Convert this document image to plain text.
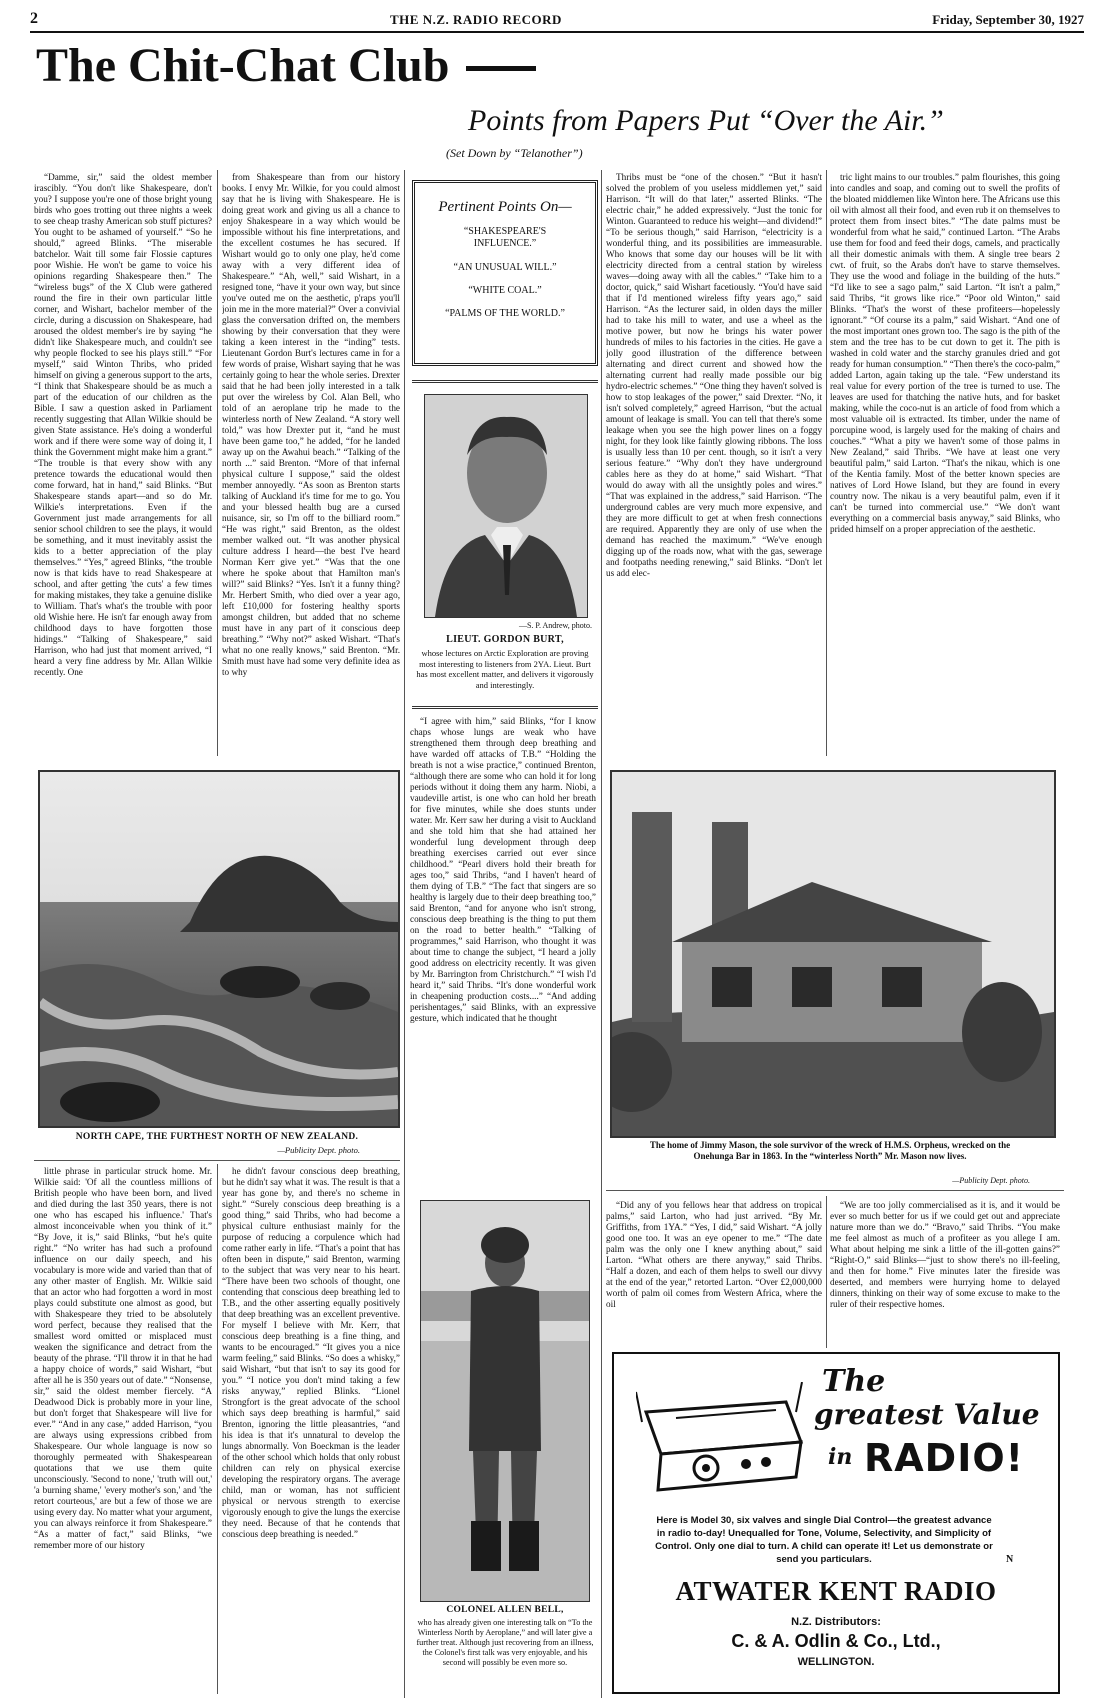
2	THE N.Z. RADIO RECORD	Friday, September 30, 1927
The Chit-Chat Club
Points from Papers Put “Over the Air.”
(Set Down by “Telanother”)

“Damme, sir,” said the oldest member irascibly. “You don't like Shakespeare, don't you? I suppose you're one of those bright young birds who goes trotting out three nights a week to see cheap trashy American sob stuff pictures? You ought to be ashamed of yourself.” “So he should,” agreed Blinks. “The miserable batchelor. Wait till some fair Flossie captures poor Wishie. He won't be game to voice his opinions regarding Shakespeare then.” The “wireless bugs” of the X Club were gathered round the fire in their own particular little corner, and Wishart, bachelor member of the circle, during a discussion on Shakespeare, had aroused the oldest member's ire by saying “he didn't like Shakespeare much, and couldn't see why people flocked to see his plays still.” “For myself,” said Winton Thribs, who prided himself on giving a generous support to the arts, “I think that Shakespeare should be as much a part of the education of our children as the Bible. I saw a question asked in Parliament recently suggesting that Allan Wilkie should be given State assistance. He's doing a wonderful work and if there were some way of doing it, I think the Government might make him a grant.” “The trouble is that every show with any pretence towards the educational would then come forward, hat in hand,” said Blinks. “But Shakespeare stands apart—and so do Mr. Wilkie's interpretations. Even if the Government just made arrangements for all senior school children to see the plays, it would be something, and it must inevitably assist the kids to a better appreciation of the play themselves.” “Yes,” agreed Blinks, “the trouble now is that kids have to read Shakespeare at school, and after getting 'the cuts' a few times for making mistakes, they take a genuine dislike to William. That's what's the trouble with poor old Wishie here. He isn't far enough away from childhood days to have forgotten those hidings.” “Talking of Shakespeare,” said Harrison, who had just that moment arrived, “I heard a very fine address by Mr. Allan Wilkie recently. One

from Shakespeare than from our history books. I envy Mr. Wilkie, for you could almost say that he is living with Shakespeare. He is doing great work and giving us all a chance to enjoy Shakespeare in a way which would be impossible without his fine interpretations, and the excellent costumes he has secured. If Wishart would go to only one play, he'd come away with a very different idea of Shakespeare.” “Ah, well,” said Wishart, in a resigned tone, “have it your own way, but since you've outed me on the aesthetic, p'raps you'll join me in the more material?” Over a convivial glass the conversation drifted on, the members showing by their conversation that they were taking a keen interest in the “inding” tests. Lieutenant Gordon Burt's lectures came in for a few words of praise, Wishart saying that he was certainly going to hear the whole series. Drexter said that he had been jolly interested in a talk put over the wireless by Col. Alan Bell, who told of an aeroplane trip he made to the winterless north of New Zealand. “A story well told,” was how Drexter put it, “and he must have been game too,” he added, “for he landed away up on the Awahui beach.” “Talking of the north ...” said Brenton. “More of that infernal physical culture I suppose,” said the oldest member annoyedly. “As soon as Brenton starts talking of Auckland it's time for me to go. You and your blessed health bug are a cursed nuisance, sir, so I'm off to the billiard room.” “He was right,” said Brenton, as the oldest member walked out. “It was another physical culture address I heard—the best I've heard Norman Kerr give yet.” “Was that the one where he spoke about that Hamilton man's will?” said Blinks? “Yes. Isn't it a funny thing? Mr. Herbert Smith, who died over a year ago, left £10,000 for fostering healthy sports amongst children, but added that no scheme must have in any part of it conscious deep breathing.” “Why not?” asked Wishart. “That's what no one really knows,” said Brenton. “Mr. Smith must have had some very definite idea as to why

Pertinent Points On—
“SHAKESPEARE'S INFLUENCE.”
“AN UNUSUAL WILL.”
“WHITE COAL.”
“PALMS OF THE WORLD.”
—S. P. Andrew, photo.
LIEUT. GORDON BURT,
whose lectures on Arctic Exploration are proving most interesting to listeners from 2YA. Lieut. Burt has most excellent matter, and delivers it vigorously and interestingly.

“I agree with him,” said Blinks, “for I know chaps whose lungs are weak who have strengthened them through deep breathing and have warded off attacks of T.B.” “Holding the breath is not a wise practice,” continued Brenton, “although there are some who can hold it for long periods without it doing them any harm. Niobi, a vaudeville artist, is one who can hold her breath for five minutes, while she does stunts under water. Mr. Kerr saw her during a visit to Auckland and she told him that she had attained her wonderful lung development through deep breathing exercises carried out ever since childhood.” “Pearl divers hold their breath for ages too,” said Thribs, “and I haven't heard of them dying of T.B.” “The fact that singers are so healthy is largely due to their deep breathing too,” said Brenton, “and for anyone who isn't strong, conscious deep breathing is the thing to put them on the road to better health.” “Talking of programmes,” said Harrison, who thought it was about time to change the subject, “I heard a jolly good address on electricity recently. It was given by Mr. Barrington from Christchurch.” “I wish I'd heard it,” said Thribs. “It's done wonderful work in cheapening production costs....” “And adding perishentages,” said Blinks, with an expressive gesture, which indicated that he thought

Thribs must be “one of the chosen.” “But it hasn't solved the problem of you useless middlemen yet,” said Harrison. “It will do that later,” asserted Blinks. “The electric chair,” he added expressively. “Just the tonic for Winton. Guaranteed to reduce his weight—and dividend!” “To be serious though,” said Harrison, “electricity is a wonderful thing, and its possibilities are immeasurable. Who knows that some day our houses will be lit with electricity directed from a central station by wireless waves—doing away with all the cables.” “Take him to a doctor, quick,” said Wishart facetiously. “You'd have said that if I'd mentioned wireless fifty years ago,” said Harrison. “As the lecturer said, in olden days the miller had to take his mill to water, and use a wheel as the motive power, but now he brings his water power hundreds of miles to his factories in the cities. He gave a jolly good illustration of the difference between alternating and direct current and showed how the alternating current had really made possible our big hydro-electric schemes.” “One thing they haven't solved is how to stop leakages of the power,” said Drexter. “No, it isn't solved completely,” agreed Harrison, “but the actual amount of leakage is small. You can tell that there's some leakage when you see the high power lines on a foggy night, for they look like faintly glowing ribbons. The loss is usually less than 10 per cent. though, so it isn't a very serious feature.” “Why don't they have underground cables here as they do at home,” said Wishart. “That would do away with all the unsightly poles and wires.” “That was explained in the address,” said Harrison. “The underground cables are very much more expensive, and they are more difficult to get at when fresh connections are required. Apparently they are only of use when the demand has reached the maximum.” “We've enough digging up of the roads now, what with the gas, sewerage and footpaths needing renewing,” said Blinks. “Don't let us add elec-

tric light mains to our troubles.” palm flourishes, this going into candles and soap, and coming out to swell the profits of the bloated middlemen like Winton here. The Africans use this oil with almost all their food, and even rub it on themselves to protect them from insect bites.” “The date palms must be wonderful from what he said,” continued Larton. “The Arabs use them for food and feed their dogs, camels, and practically all their domestic animals with them. A single tree bears 2 cwt. of fruit, so the Arabs don't have to starve themselves. They use the wood and foliage in the building of the huts.” “I'd like to see a sago palm,” said Larton. “It isn't a palm,” said Thribs, “it grows like rice.” “Poor old Winton,” said Blinks. “That's the worst of these profiteers—hopelessly ignorant.” “Of course its a palm,” said Wishart. “And one of the most important ones grown too. The sago is the pith of the stem and the tree has to be cut down to get it. The pith is washed in cold water and the starchy granules dried and got ready for human consumption.” “Then there's the coco-palm,” added Larton, again taking up the tale. “Few understand its real value for every portion of the tree is turned to use. The leaves are used for thatching the native huts, and for basket making, while the coco-nut is an article of food from which a most valuable oil is extracted. Its timber, under the name of porcupine wood, is largely used for the making of chairs and couches.” “What a pity we haven't some of those palms in New Zealand,” said Thribs. “We have at least one very beautiful palm,” said Larton. “That's the nikau, which is one of the Kentia family. Most of the better known species are natives of Lord Howe Island, but they are found in every country now. The nikau is a very beautiful palm, even if it can't be turned into commercial use.” “We don't want everything on a commercial basis anyway,” said Blinks, who prided himself on a proper appreciation of the aesthetic.

NORTH CAPE, THE FURTHEST NORTH OF NEW ZEALAND.
—Publicity Dept. photo.	The home of Jimmy Mason, the sole survivor of the wreck of H.M.S. Orpheus, wrecked on the Onehunga Bar in 1863. In the “winterless North” Mr. Mason now lives.
—Publicity Dept. photo.

little phrase in particular struck home. Mr. Wilkie said: 'Of all the countless millions of British people who have been born, and lived and died during the last 350 years, there is not one who has escaped his influence.' That's almost inconceivable when you think of it.” “By Jove, it is,” said Blinks, “but he's quite right.” “No writer has had such a profound influence on our daily speech, and his vocabulary is more wide and varied than that of any other master of English. Mr. Wilkie said that an actor who had forgotten a word in most plays could substitute one almost as good, but with Shakespeare they tried to be absolutely word perfect, because they realised that the smallest word omitted or misplaced must weaken the significance and detract from the beauty of the phrase. “I'll throw it in that he had a happy choice of words,” said Wishart, “but after all he is 350 years out of date.” “Nonsense, sir,” said the oldest member fiercely. “A Deadwood Dick is probably more in your line, but don't forget that Shakespeare will live for ever.” “And in any case,” added Harrison, “you are always using expressions cribbed from Shakespeare. Our whole language is now so thoroughly permeated with Shakespearean quotations that we use them quite unconsciously. 'Second to none,' 'truth will out,' 'a burning shame,' 'every mother's son,' and 'the retort courteous,' are but a few of those we are using every day. No matter what your argument, you can always reinforce it from Shakespeare.” “As a matter of fact,” said Blinks, “we remember more of our history

he didn't favour conscious deep breathing, but he didn't say what it was. The result is that a year has gone by, and there's no scheme in sight.” “Surely conscious deep breathing is a good thing,” said Thribs, who had become a physical culture enthusiast mainly for the purpose of reducing a corpulence which had come rather early in life. “That's a point that has often been in dispute,” said Brenton, warming to the subject that was very near to his heart. “There have been two schools of thought, one contending that conscious deep breathing led to T.B., and the other asserting equally positively that deep breathing was an excellent preventive. For myself I believe with Mr. Kerr, that conscious deep breathing is a fine thing, and wants to be encouraged.” “It gives you a nice warm feeling,” said Blinks. “So does a whisky,” said Wishart, “but that isn't to say its good for you.” “I notice you don't mind taking a few risks anyway,” replied Blinks. “Lionel Strongfort is the great advocate of the school which says deep breathing is harmful,” said Brenton, ignoring the little pleasantries, “and his idea is that it's unnatural to develop the lungs abnormally. Von Boeckman is the leader of the other school which holds that only robust children can rely on physical exercise developing the respiratory organs. The average child, man or woman, has not sufficient physical or nervous strength to exercise vigorously enough to give the lungs the exercise they need. Because of that he contends that conscious deep breathing is needed.”

COLONEL ALLEN BELL,
who has already given one interesting talk on “To the Winterless North by Aeroplane,” and will later give a further treat. Although just recovering from an illness, the Colonel's first talk was very enjoyable, and his second will possibly be even more so.

“Did any of you fellows hear that address on tropical palms,” said Larton, who had just arrived. “By Mr. Griffiths, from 1YA.” “Yes, I did,” said Wishart. “A jolly good one too. It was an eye opener to me.” “The date palm was the only one I knew anything about,” said Larton. “What others are there anyway,” said Thribs. “Half a dozen, and each of them helps to swell our divvy at the end of the year,” retorted Larton. “Over £2,000,000 worth of palm oil comes from Western Africa, where the oil

“We are too jolly commercialised as it is, and it would be ever so much better for us if we could get out and appreciate nature more than we do.” “Bravo,” said Thribs. “You make me feel almost as much of a profiteer as you allege I am. What about helping me sink a little of the ill-gotten gains?” “Right-O,” said Blinks—“just to show there's no ill-feeling, and then for home.” Five minutes later the fireside was deserted, and members were hurrying home to delayed dinners, thinking on their way of some excuse to make to the ruler of their respective homes.

The
greatest Value
in RADIO!
Here is Model 30, six valves and single Dial Control—the greatest advance in radio to-day! Unequalled for Tone, Volume, Selectivity, and Simplicity of Control. Only one dial to turn. A child can operate it! Let us demonstrate or send you particulars.	N
ATWATER KENT RADIO
N.Z. Distributors:
C. & A. Odlin & Co., Ltd.,
WELLINGTON.
